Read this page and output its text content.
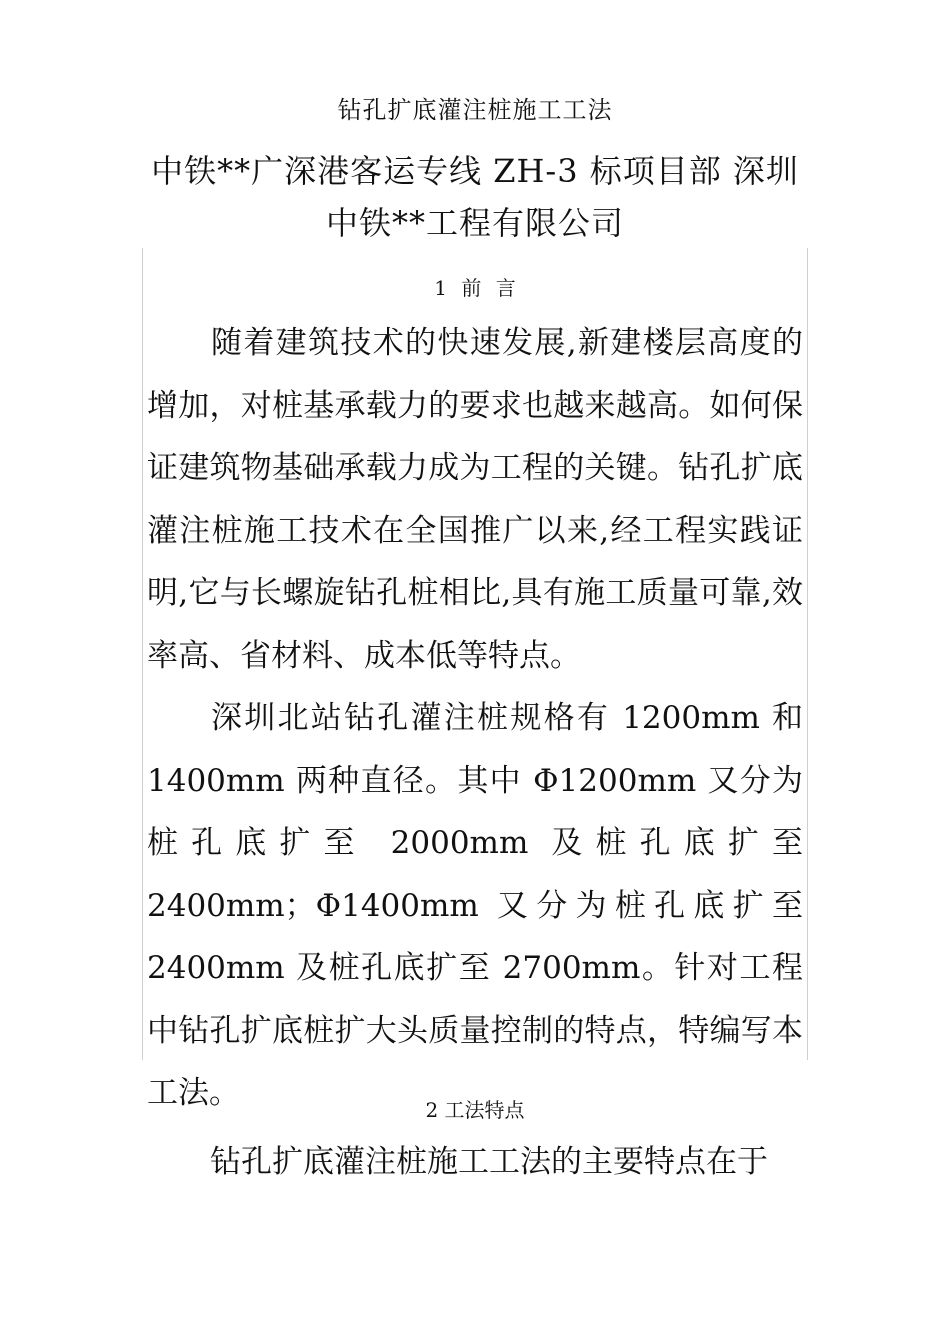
钻孔扩底灌注桩施工工法
中铁**广深港客运专线 ZH-3 标项目部 深圳中铁**工程有限公司
1 前 言

随着建筑技术的快速发展,新建楼层高度的增加，对桩基承载力的要求也越来越高。如何保证建筑物基础承载力成为工程的关键。钻孔扩底灌注桩施工技术在全国推广以来,经工程实践证明,它与长螺旋钻孔桩相比,具有施工质量可靠,效率高、省材料、成本低等特点。

深圳北站钻孔灌注桩规格有 1200mm 和 1400mm 两种直径。其中 Φ1200mm 又分为桩孔底扩至 2000mm 及桩孔底扩至 2400mm；Φ1400mm 又分为桩孔底扩至 2400mm 及桩孔底扩至 2700mm。针对工程中钻孔扩底桩扩大头质量控制的特点，特编写本工法。	2 工法特点

钻孔扩底灌注桩施工工法的主要特点在于
